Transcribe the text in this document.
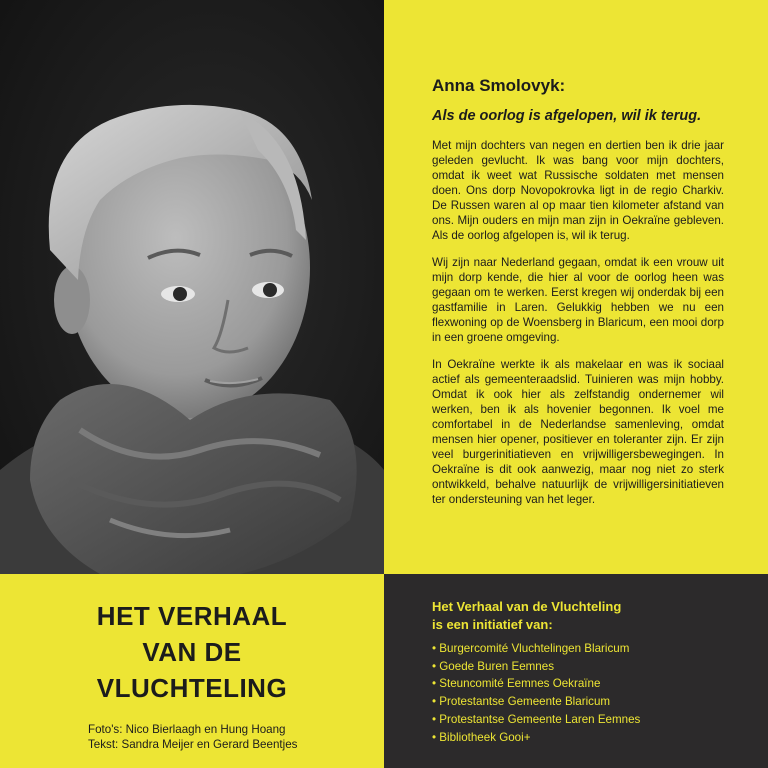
Anna Smolovyk:
Als de oorlog is afgelopen, wil ik terug.

Met mijn dochters van negen en dertien ben ik drie jaar geleden gevlucht. Ik was bang voor mijn dochters, omdat ik weet wat Russische soldaten met mensen doen. Ons dorp Novopokrovka ligt in de regio Charkiv. De Russen waren al op maar tien kilometer afstand van ons. Mijn ouders en mijn man zijn in Oekraïne gebleven. Als de oorlog afgelopen is, wil ik terug.

Wij zijn naar Nederland gegaan, omdat ik een vrouw uit mijn dorp kende, die hier al voor de oorlog heen was gegaan om te werken. Eerst kregen wij onderdak bij een gastfamilie in Laren. Gelukkig hebben we nu een flexwoning op de Woensberg in Blaricum, een mooi dorp in een groene omgeving.

In Oekraïne werkte ik als makelaar en was ik sociaal actief als gemeenteraadslid. Tuinieren was mijn hobby. Omdat ik ook hier als zelfstandig ondernemer wil werken, ben ik als hovenier begonnen. Ik voel me comfortabel in de Nederlandse samenleving, omdat mensen hier opener, positiever en toleranter zijn. Er zijn veel burgerinitiatieven en vrijwilligersbewegingen. In Oekraïne is dit ook aanwezig, maar nog niet zo sterk ontwikkeld, behalve natuurlijk de vrijwilligersinitiatieven ter ondersteuning van het leger.

HET VERHAAL
VAN DE
VLUCHTELING
Foto's: Nico Bierlaagh en Hung Hoang
Tekst: Sandra Meijer en Gerard Beentjes
Het Verhaal van de Vluchteling
is een initiatief van:
• Burgercomité Vluchtelingen Blaricum
• Goede Buren Eemnes
• Steuncomité Eemnes Oekraïne
• Protestantse Gemeente Blaricum
• Protestantse Gemeente Laren Eemnes
• Bibliotheek Gooi+
